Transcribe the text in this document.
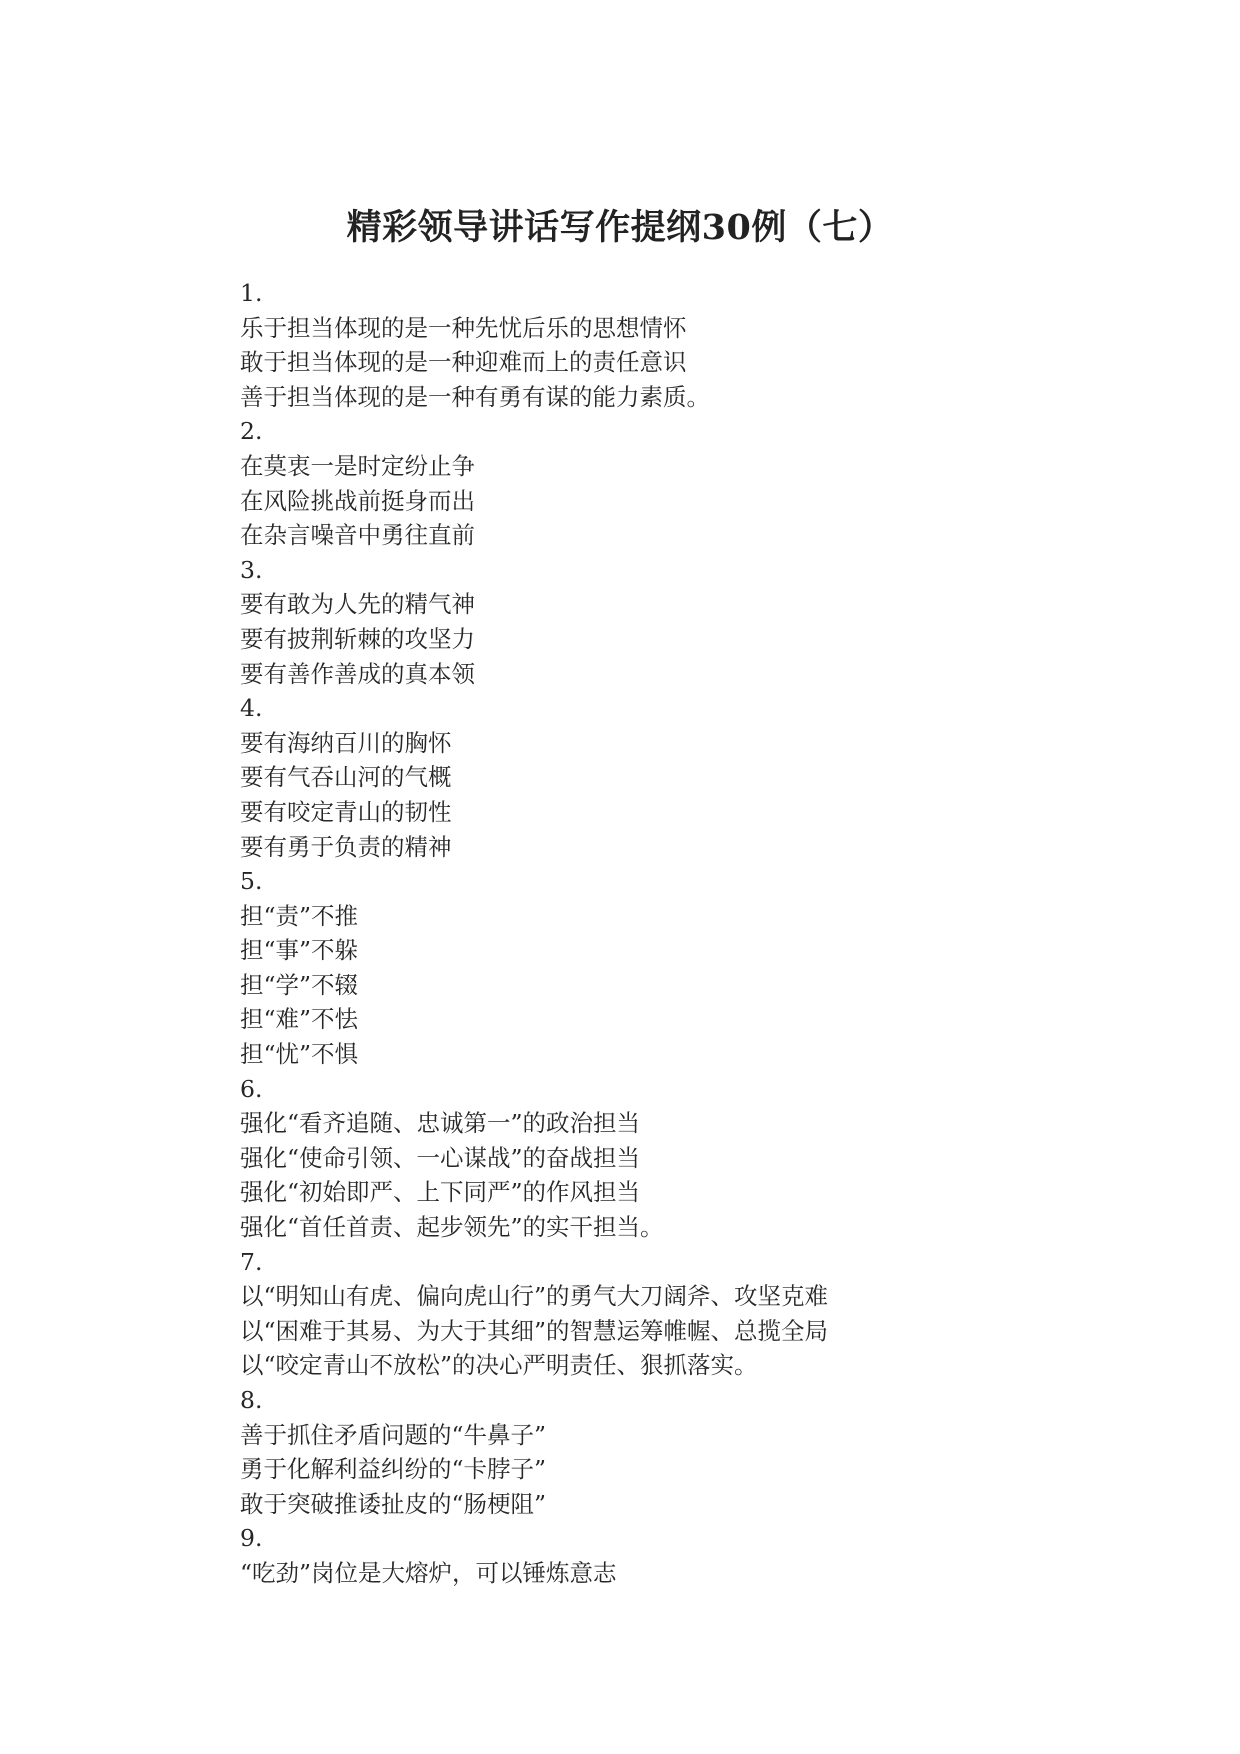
精彩领导讲话写作提纲30例（七）
1.
乐于担当体现的是一种先忧后乐的思想情怀
敢于担当体现的是一种迎难而上的责任意识
善于担当体现的是一种有勇有谋的能力素质。
2.
在莫衷一是时定纷止争
在风险挑战前挺身而出
在杂言噪音中勇往直前
3.
要有敢为人先的精气神
要有披荆斩棘的攻坚力
要有善作善成的真本领
4.
要有海纳百川的胸怀
要有气吞山河的气概
要有咬定青山的韧性
要有勇于负责的精神
5.
担“责”不推
担“事”不躲
担“学”不辍
担“难”不怯
担“忧”不惧
6.
强化“看齐追随、忠诚第一”的政治担当
强化“使命引领、一心谋战”的奋战担当
强化“初始即严、上下同严”的作风担当
强化“首任首责、起步领先”的实干担当。
7.
以“明知山有虎、偏向虎山行”的勇气大刀阔斧、攻坚克难
以“困难于其易、为大于其细”的智慧运筹帷幄、总揽全局
以“咬定青山不放松”的决心严明责任、狠抓落实。
8.
善于抓住矛盾问题的“牛鼻子”
勇于化解利益纠纷的“卡脖子”
敢于突破推诿扯皮的“肠梗阻”
9.
“吃劲”岗位是大熔炉，可以锤炼意志
